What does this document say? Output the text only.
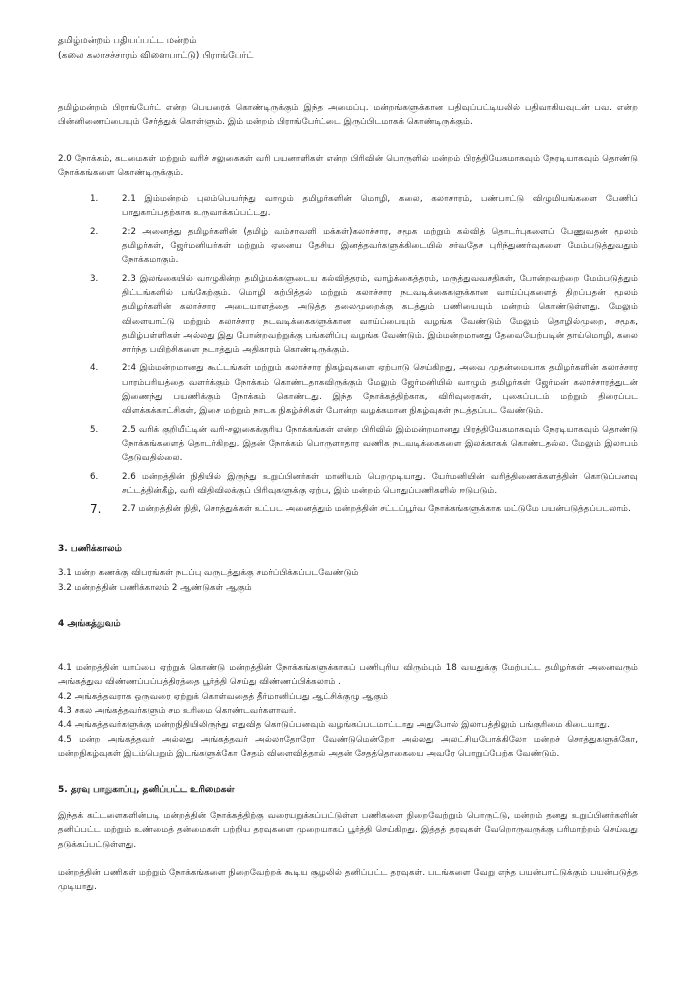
தமிழ்மன்றம் பதியப்பட்ட மன்றம்
(கலை கலாசச்சாரம் விளையாட்டு) பிராங்பேர்ட்

தமிழ்மன்றம் பிராங்பேர்ட் என்ற பெயரைக் கொண்டிருக்கும் இந்த அமைப்பு. மன்றங்களுக்கான பதிவுப்பட்டியலில் பதிவாகியவுடன் பவ. என்ற பின்னிணைப்பையும் சேர்த்துக் கொள்ளும். இம் மன்றம் பிராங்பேர்ட்டை இருப்பிடமாகக் கொண்டிருக்கும்.

2.0 நோக்கம், கடமைகள் மற்றும் வரிச் சலுகைகள் வரி பயனாளிகள் என்ற பிரிவின் பொருளில் மன்றம் பிரத்தியேகமாகவும் நேரடியாகவும் தொண்டு நோக்கங்களை கொண்டிருக்கும்.

1.	2.1 இம்மன்றம் புலம்பெயர்ந்து வாழும் தமிழர்களின் மொழி, கலை, கலாசாரம், பண்பாட்டு விழுமியங்களை பேணிப் பாதுகாப்பதற்காக உருவாக்கப்பட்டது.

2.	2:2 அனைத்து தமிழர்களின் (தமிழ் வம்சாவளி மக்கள்)கலாச்சார, சமூக மற்றும் கல்வித் தொடர்புகளைப் பேணுவதன் மூலம் தமிழர்கள், ஜேர்மனியர்கள் மற்றும் ஏனைய தேசிய இனத்தவர்களுக்கிடையில் சர்வதேச புரிந்துணர்வுகளை மேம்படுத்துவதும் நோக்கமாகும்.

3.	2.3 இலங்கையில் வாழுகின்ற தமிழ்மக்களுடைய கல்வித்தரம், வாழ்க்கைத்தரம், மருத்துவவசதிகள், போன்றவற்றை மேம்படுத்தும் திட்டங்களில் பங்கேற்கும். மொழி கற்பித்தல் மற்றும் கலாச்சார நடவடிக்கைகளுக்கான வாய்ப்புகளைத் திறப்பதன் மூலம் தமிழர்களின் கலாச்சார அடையாளத்தை அடுத்த தலைமுறைக்கு கடத்தும் பணியையும் மன்றம் கொண்டுள்ளது. மேலும் விளையாட்டு மற்றும் கலாச்சார நடவடிக்கைகளுக்கான வாய்ப்பையும் வழங்க வேண்டும் மேலும் தொழில்முறை, சமூக, தமிழ்பள்ளிகள் அல்லது இது போன்றவற்றுக்கு பங்களிப்பு வழங்க வேண்டும். இம்மன்றமானது தேவையேற்படின் தாய்மொழி, கலை சார்ந்த பயிற்சிகளை நடாத்தும் அதிகாரம் கொண்டிருக்கும்.

4.	2:4 இம்மன்றமானது கூட்டங்கள் மற்றும் கலாச்சார நிகழ்வுகளை ஏற்பாடு செய்கிறது, அவை முதன்மையாக தமிழர்களின் கலாச்சார பாரம்பரியத்தை வளர்க்கும் நோக்கம் கொண்டதாகவிருக்கும் மேலும் ஜேர்மனியில் வாழும் தமிழர்கள் ஜேர்மன் கலாச்சாரத்துடன் இணைந்து பயணிக்கும் நோக்கம் கொண்டது. இந்த நோக்கத்திற்காக, விரிவுரைகள், புகைப்படம் மற்றும் திரைப்பட விளக்கக்காட்சிகள், இசை மற்றும் நாடக நிகழ்ச்சிகள் போன்ற வழக்கமான நிகழ்வுகள் நடத்தப்பட வேண்டும்.

5.	2.5 வரிக் குறியீட்டின் வரி-சலுகைக்குரிய நோக்கங்கள் என்ற பிரிவில் இம்மன்றமானது பிரத்தியேகமாகவும் நேரடியாகவும் தொண்டு நோக்கங்களைத் தொடர்கிறது. இதன் நோக்கம் பொருளாதார வணிக நடவடிக்கைகளை இலக்காகக் கொண்டதல்ல. மேலும் இலாபம் தேடுவதில்லை.

6.	2.6 மன்றத்தின் நிதியில் இருந்து உறுப்பினர்கள் மானியம் பெறமுடியாது. யேர்மனியின் வரித்திணைக்களத்தின் கொடுப்பனவு சட்டத்தின்கீழ், வரி விதிவிலக்குப் பிரிவுகளுக்கு ஏற்ப, இம் மன்றம் பொதுப்பணிகளில் ஈடுபடும்.

7.	2.7 மன்றத்தின் நிதி, சொத்துக்கள் உட்பட அனைத்தும் மன்றத்தின் சட்டப்பூர்வ நோக்கங்களுக்காக மட்டுமே பயன்படுத்தப்படலாம்.

3. பணிக்காலம்

3.1 மன்ற கணக்கு விபரங்கள் நடப்பு வருடத்துக்கு சமர்ப்பிக்கப்படவேண்டும்

3.2 மன்றத்தின் பணிக்காலம் 2 ஆண்டுகள் ஆகும்

4 அங்கத்துவம்

4.1 மன்றத்தின் யாப்பை ஏற்றுக் கொண்டு மன்றத்தின் நோக்கங்களுக்காகப் பணிபுரிய விரும்பும் 18 வயதுக்கு மேற்பட்ட தமிழர்கள் அனைவரும் அங்கத்துவ விண்ணப்பப்பத்திரத்தை பூர்த்தி செய்து விண்ணப்பிக்கலாம் .

4.2 அங்கத்தவராக ஒருவரை ஏற்றுக் கொள்வதைத் தீர்மானிப்பது ஆட்சிக்குழு ஆகும்

4.3 சகல அங்கத்தவர்களும் சம உரிமை கொண்டவர்களாவர்.

4.4 அங்கத்தவர்களுக்கு மன்றநிதியிலிருந்து எதுவித கொடுப்பனவும் வழங்கப்படமாட்டாது அதுபோல் இலாபத்திலும் பங்குரிமை கிடையாது.

4.5 மன்ற அங்கத்தவர் அல்லது அங்கத்தவர் அல்லாதோரோ வேண்டுமென்றோ அல்லது அலட்சியபோக்கிலோ மன்றச் சொத்துகளுக்கோ, மன்றநிகழ்வுகள் இடம்பெறும் இடங்களுக்கோ சேதம் விளைவித்தால் அதன் சேதத்தொகையை அவரே பொறுப்பேற்க வேண்டும்.

5. தரவு பாதுகாப்பு, தனிப்பட்ட உரிமைகள்

இந்தக் கட்டளைகளின்படி மன்றத்தின் நோக்கத்திற்கு வரையறுக்கப்பட்டுள்ள பணிகளை நிறைவேற்றும் பொருட்டு, மன்றம் தனது உறுப்பினர்களின் தனிப்பட்ட மற்றும் உண்மைத் தன்மைகள் பற்றிய தரவுகளை முறையாகப் பூர்த்தி செய்கிறது. இத்தத் தரவுகள் வேறொருவருக்கு பரிமாற்றம் செய்வது தடுக்கப்பட்டுள்ளது.

மன்றத்தின் பணிகள் மற்றும் நோக்கங்களை நிறைவேற்றக் கூடிய சூழலில் தனிப்பட்ட தரவுகள். படங்களை வேறு எந்த பயன்பாட்டுக்கும் பயன்படுத்த முடியாது.
